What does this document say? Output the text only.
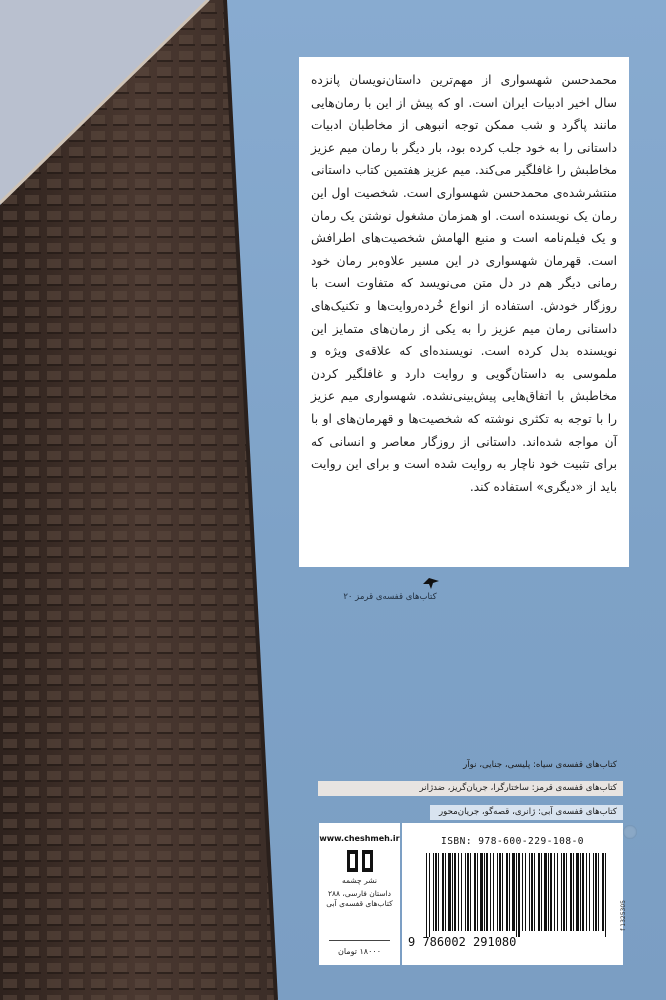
محمدحسن شهسواری از مهم‌ترین داستان‌نویسان پانزده سال اخیر ادبیات ایران است. او که پیش از این با رمان‌هایی مانند پاگرد و شب ممکن توجه انبوهی از مخاطبان ادبیات داستانی را به خود جلب کرده بود، بار دیگر با رمان میم عزیز مخاطبش را غافلگیر می‌کند. میم عزیز هفتمین کتاب داستانی منتشرشده‌ی محمدحسن شهسواری است. شخصیت اول این رمان یک نویسنده است. او همزمان مشغول نوشتن یک رمان و یک فیلم‌نامه است و منبع الهامش شخصیت‌های اطرافش است. قهرمان شهسواری در این مسیر علاوه‌بر رمان خود رمانی دیگر هم در دل متن می‌نویسد که متفاوت است با روزگار خودش. استفاده از انواع خُرده‌روایت‌ها و تکنیک‌های داستانی رمان میم عزیز را به یکی از رمان‌های متمایز این نویسنده بدل کرده است. نویسنده‌ای که علاقه‌ی ویژه و ملموسی به داستان‌گویی و روایت دارد و غافلگیر کردن مخاطبش با اتفاق‌هایی پیش‌بینی‌نشده. شهسواری میم عزیز را با توجه به تکثری نوشته که شخصیت‌ها و قهرمان‌های او با آن مواجه شده‌اند. داستانی از روزگار معاصر و انسانی که برای تثبیت خود ناچار به روایت شده است و برای این روایت باید از «دیگری» استفاده کند.

کتاب‌های قفسه‌ی قرمز ۲۰
کتاب‌های قفسه‌ی سیاه: پلیسی، جنایی، نوآر
کتاب‌های قفسه‌ی قرمز: ساختارگرا، جریان‌گریز، ضدژانر
کتاب‌های قفسه‌ی آبی: ژانری، قصه‌گو، جریان‌محور
www.cheshmeh.ir
نشر چشمه
داستان فارسی، ۲۸۸
کتاب‌های قفسه‌ی آبی
۱۸۰۰۰ تومان
ISBN: 978-600-229-108-0
9 786002 291080
f 1325305
